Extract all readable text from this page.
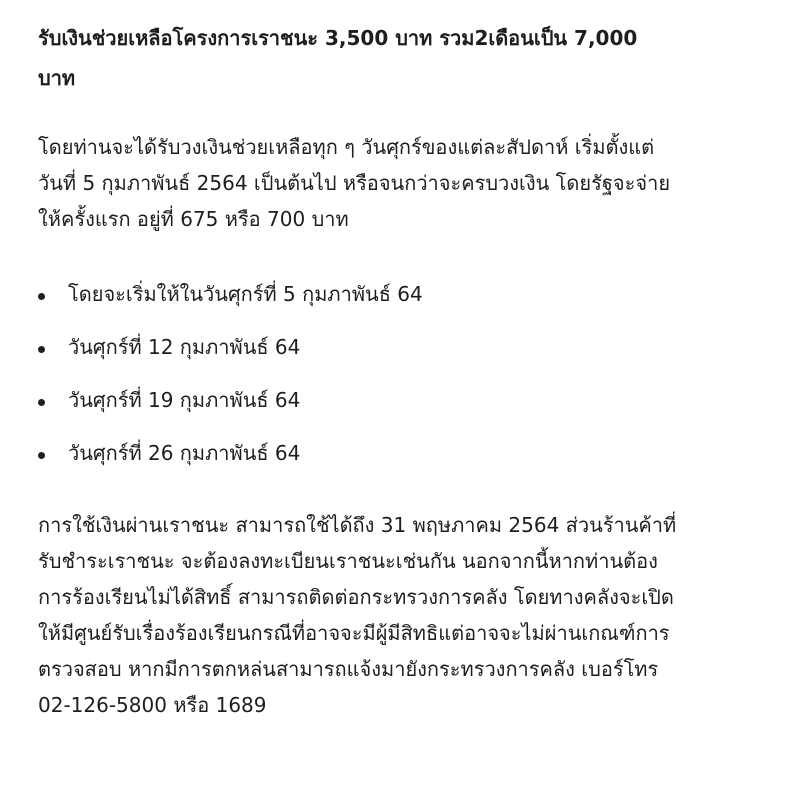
รับเงินช่วยเหลือโครงการเราชนะ 3,500 บาท รวม2เดือนเป็น 7,000
บาท

โดยท่านจะได้รับวงเงินช่วยเหลือทุก ๆ วันศุกร์ของแต่ละสัปดาห์ เริ่มตั้งแต่
วันที่ 5 กุมภาพันธ์ 2564 เป็นต้นไป หรือจนกว่าจะครบวงเงิน โดยรัฐจะจ่าย
ให้ครั้งแรก อยู่ที่ 675 หรือ 700 บาท

โดยจะเริ่มให้ในวันศุกร์ที่ 5 กุมภาพันธ์ 64
วันศุกร์ที่ 12 กุมภาพันธ์ 64
วันศุกร์ที่ 19 กุมภาพันธ์ 64
วันศุกร์ที่ 26 กุมภาพันธ์ 64

การใช้เงินผ่านเราชนะ สามารถใช้ได้ถึง 31 พฤษภาคม 2564 ส่วนร้านค้าที่
รับชำระเราชนะ จะต้องลงทะเบียนเราชนะเช่นกัน นอกจากนี้หากท่านต้อง
การร้องเรียนไม่ได้สิทธิ์ สามารถติดต่อกระทรวงการคลัง โดยทางคลังจะเปิด
ให้มีศูนย์รับเรื่องร้องเรียนกรณีที่อาจจะมีผู้มีสิทธิแต่อาจจะไม่ผ่านเกณฑ์การ
ตรวจสอบ หากมีการตกหล่นสามารถแจ้งมายังกระทรวงการคลัง เบอร์โทร
02-126-5800 หรือ 1689
